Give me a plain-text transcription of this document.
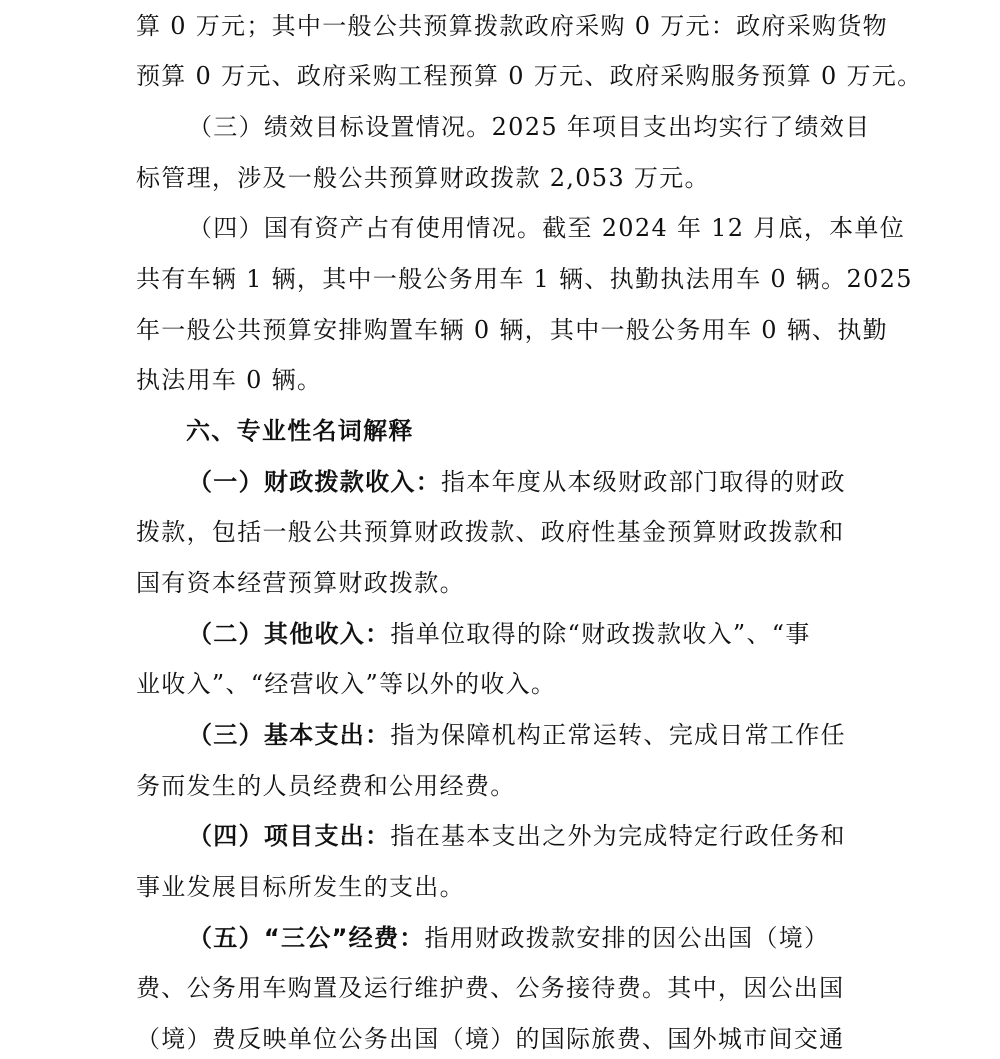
算 0 万元；其中一般公共预算拨款政府采购 0 万元：政府采购货物
预算 0 万元、政府采购工程预算 0 万元、政府采购服务预算 0 万元。
（三）绩效目标设置情况。2025 年项目支出均实行了绩效目
标管理，涉及一般公共预算财政拨款 2,053 万元。
（四）国有资产占有使用情况。截至 2024 年 12 月底，本单位
共有车辆 1 辆，其中一般公务用车 1 辆、执勤执法用车 0 辆。2025
年一般公共预算安排购置车辆 0 辆，其中一般公务用车 0 辆、执勤
执法用车 0 辆。
六、专业性名词解释
（一）财政拨款收入：指本年度从本级财政部门取得的财政
拨款，包括一般公共预算财政拨款、政府性基金预算财政拨款和
国有资本经营预算财政拨款。
（二）其他收入：指单位取得的除“财政拨款收入”、“事
业收入”、“经营收入”等以外的收入。
（三）基本支出：指为保障机构正常运转、完成日常工作任
务而发生的人员经费和公用经费。
（四）项目支出：指在基本支出之外为完成特定行政任务和
事业发展目标所发生的支出。
（五）“三公”经费：指用财政拨款安排的因公出国（境）
费、公务用车购置及运行维护费、公务接待费。其中，因公出国
（境）费反映单位公务出国（境）的国际旅费、国外城市间交通
